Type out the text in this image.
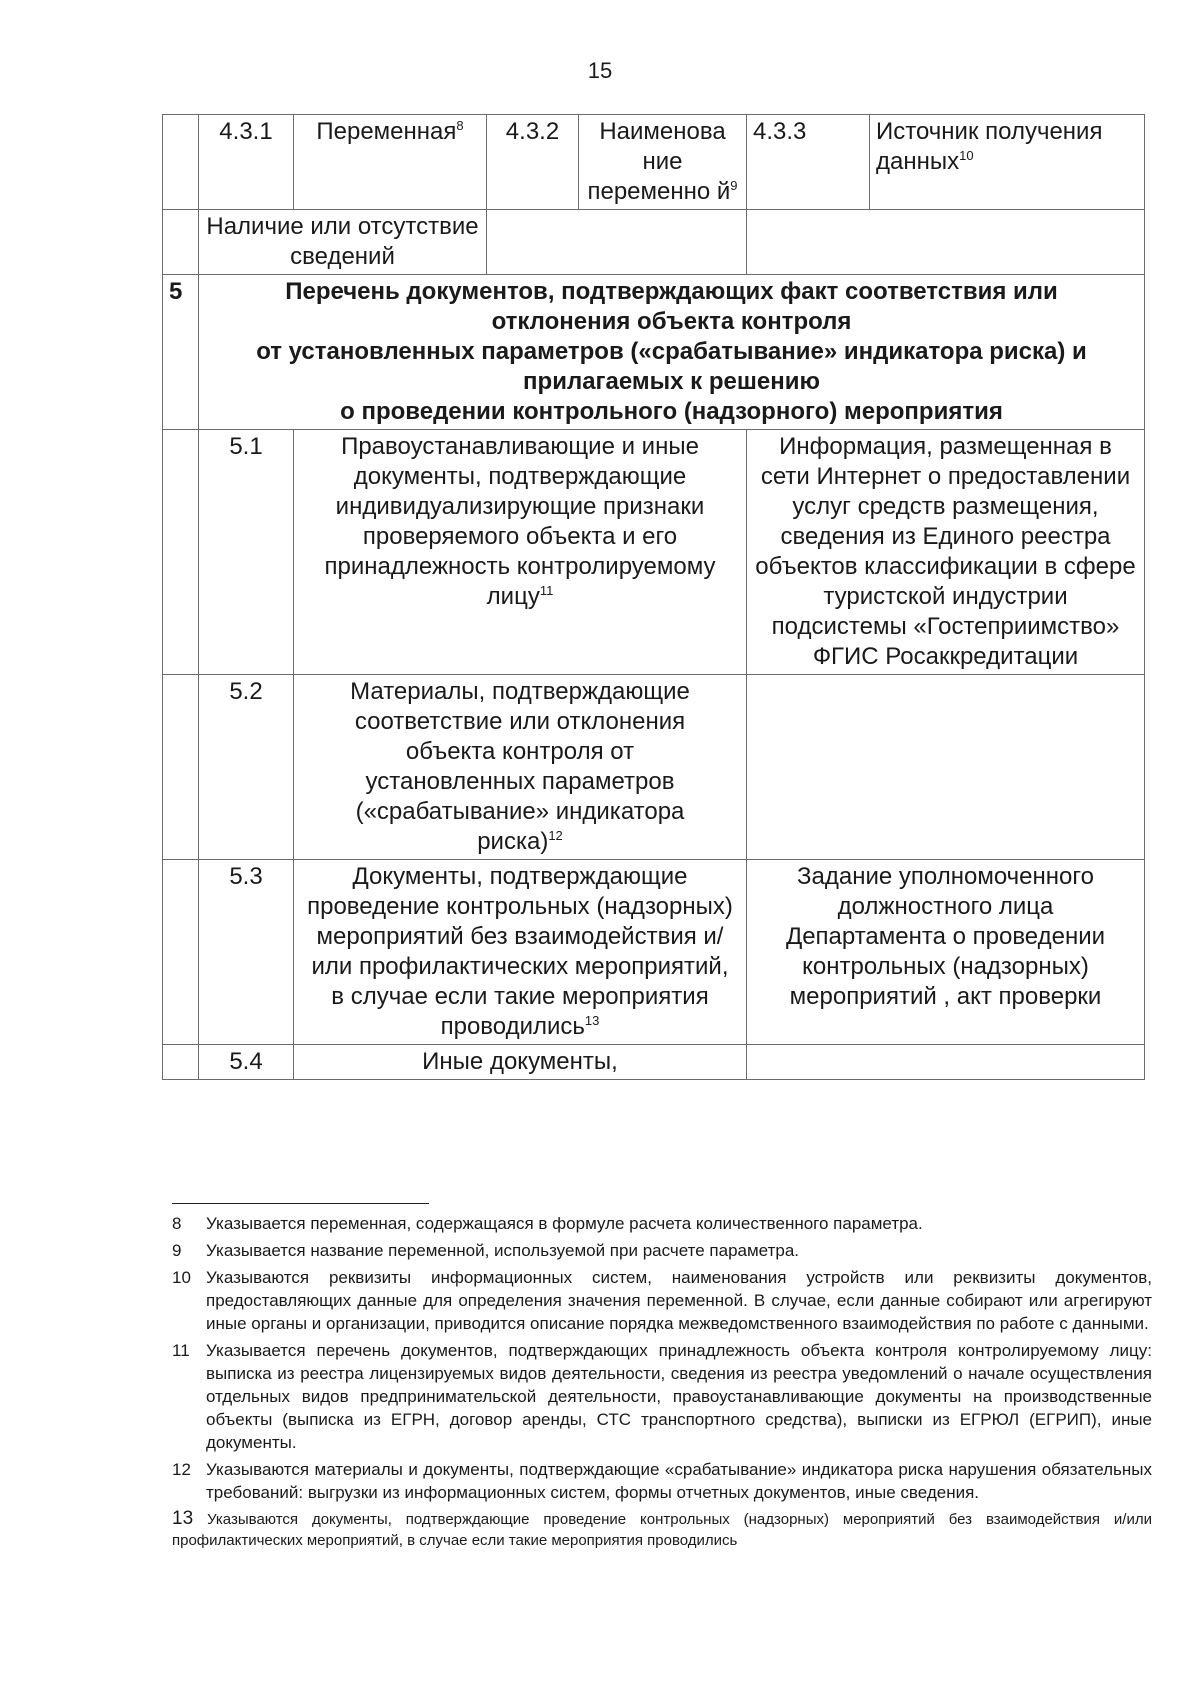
15
	4.3.1	Переменная$^8$	4.3.2	Наименова ние переменно $й^9$	4.3.3	Источник получения данных$^{10}$
	Наличие или отсутствие сведений					
5	Перечень документов, подтверждающих факт соответствия или
отклонения объекта контроля
от установленных параметров («срабатывание» индикатора риска) и
прилагаемых к решению
о проведении контрольного (надзорного) мероприятия					

	5.1	Правоустанавливающие и иные документы, подтверждающие индивидуализирующие признаки проверяемого объекта и его принадлежность контролируемому лицу$^{11}$			Информация, размещенная в сети Интернет о предоставлении услуг средств размещения, сведения из Единого реестра объектов классификации в сфере туристской индустрии подсистемы «Гостеприимство» ФГИС Росаккредитации	
	5.2	Материалы, подтверждающие соответствие или отклонения объекта контроля от установленных параметров («срабатывание» индикатора риска)$^{12}$	
	5.3	Документы, подтверждающие проведение контрольных (надзорных) мероприятий без взаимодействия и/или профилактических мероприятий, в случае если такие мероприятия проводились$^{13}$			Задание уполномоченного должностного лица Департамента о проведении контрольных (надзорных) мероприятий , акт проверки	
	5.4	Иные документы,				
8	Указывается переменная, содержащаяся в формуле расчета количественного параметра.
9	Указывается название переменной, используемой при расчете параметра.
10 Указываются реквизиты информационных систем, наименования устройств или реквизиты документов, предоставляющих данные для определения значения переменной. В случае, если данные собирают или агрегируют иные органы и организации, приводится описание порядка межведомственного взаимодействия по работе с данными.
11 Указывается перечень документов, подтверждающих принадлежность объекта контроля контролируемому лицу: выписка из реестра лицензируемых видов деятельности, сведения из реестра уведомлений о начале осуществления отдельных видов предпринимательской деятельности, правоустанавливающие документы на производственные объекты (выписка из ЕГРН, договор аренды, СТС транспортного средства), выписки из ЕГРЮЛ (ЕГРИП), иные документы.
12 Указываются материалы и документы, подтверждающие «срабатывание» индикатора риска нарушения обязательных требований: выгрузки из информационных систем, формы отчетных документов, иные сведения.
13 Указываются документы, подтверждающие проведение контрольных (надзорных) мероприятий без взаимодействия и/или профилактических мероприятий, в случае если такие мероприятия проводились
